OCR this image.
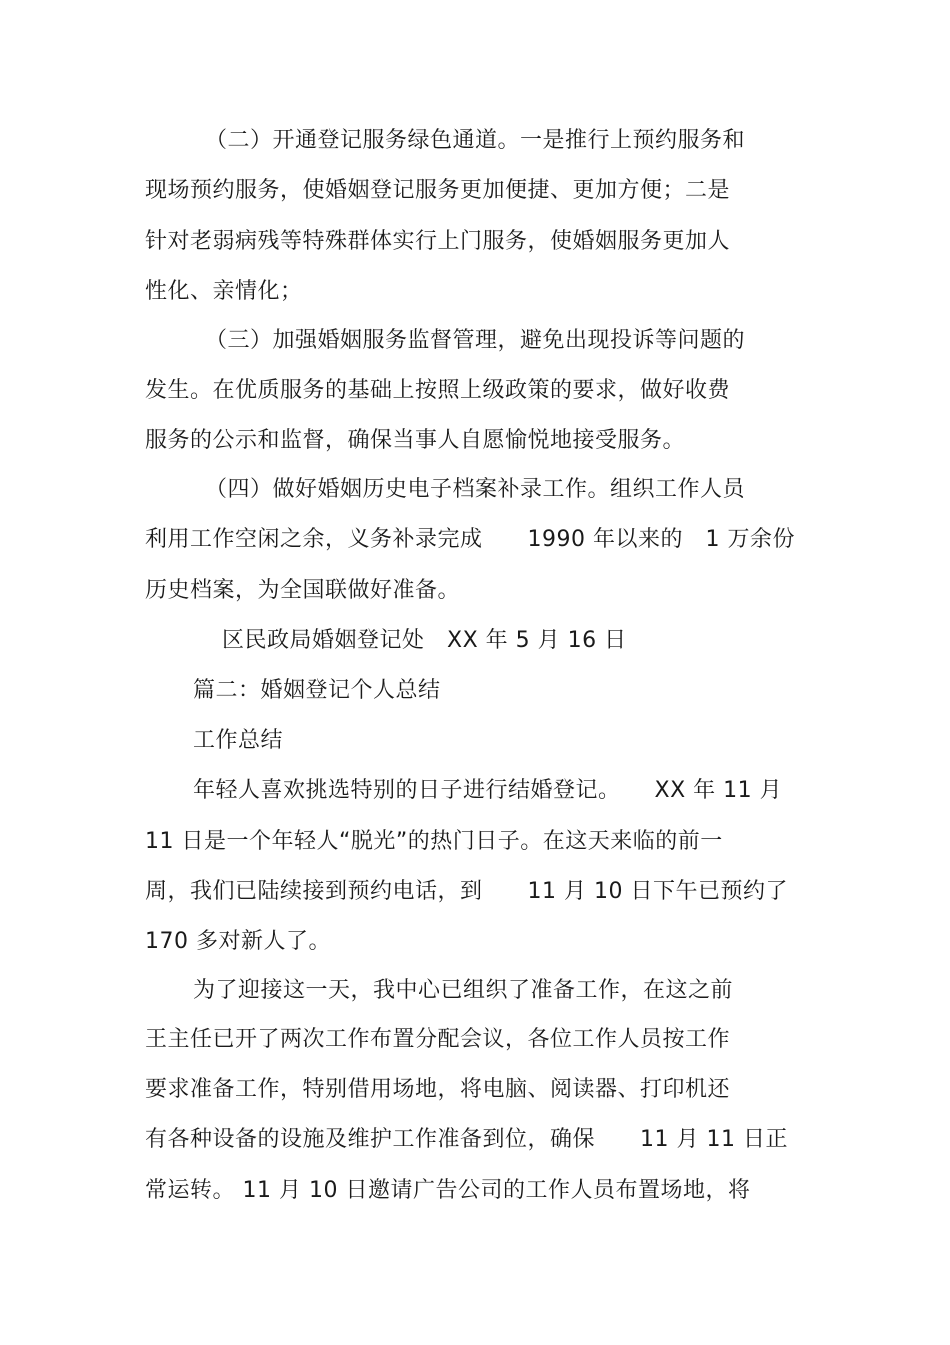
（二）开通登记服务绿色通道。一是推行上预约服务和
现场预约服务，使婚姻登记服务更加便捷、更加方便；二是
针对老弱病残等特殊群体实行上门服务，使婚姻服务更加人
性化、亲情化；
（三）加强婚姻服务监督管理，避免出现投诉等问题的
发生。在优质服务的基础上按照上级政策的要求，做好收费
服务的公示和监督，确保当事人自愿愉悦地接受服务。
（四）做好婚姻历史电子档案补录工作。组织工作人员
利用工作空闲之余，义务补录完成　　1990 年以来的　1 万余份
历史档案，为全国联做好准备。
区民政局婚姻登记处　XX 年 5 月 16 日
篇二：婚姻登记个人总结
工作总结
年轻人喜欢挑选特别的日子进行结婚登记。　　XX 年 11 月
11 日是一个年轻人“脱光”的热门日子。在这天来临的前一
周，我们已陆续接到预约电话，到　　11 月 10 日下午已预约了
170 多对新人了。
为了迎接这一天，我中心已组织了准备工作，在这之前
王主任已开了两次工作布置分配会议，各位工作人员按工作
要求准备工作，特别借用场地，将电脑、阅读器、打印机还
有各种设备的设施及维护工作准备到位，确保　　11 月 11 日正
常运转。 11 月 10 日邀请广告公司的工作人员布置场地，将
